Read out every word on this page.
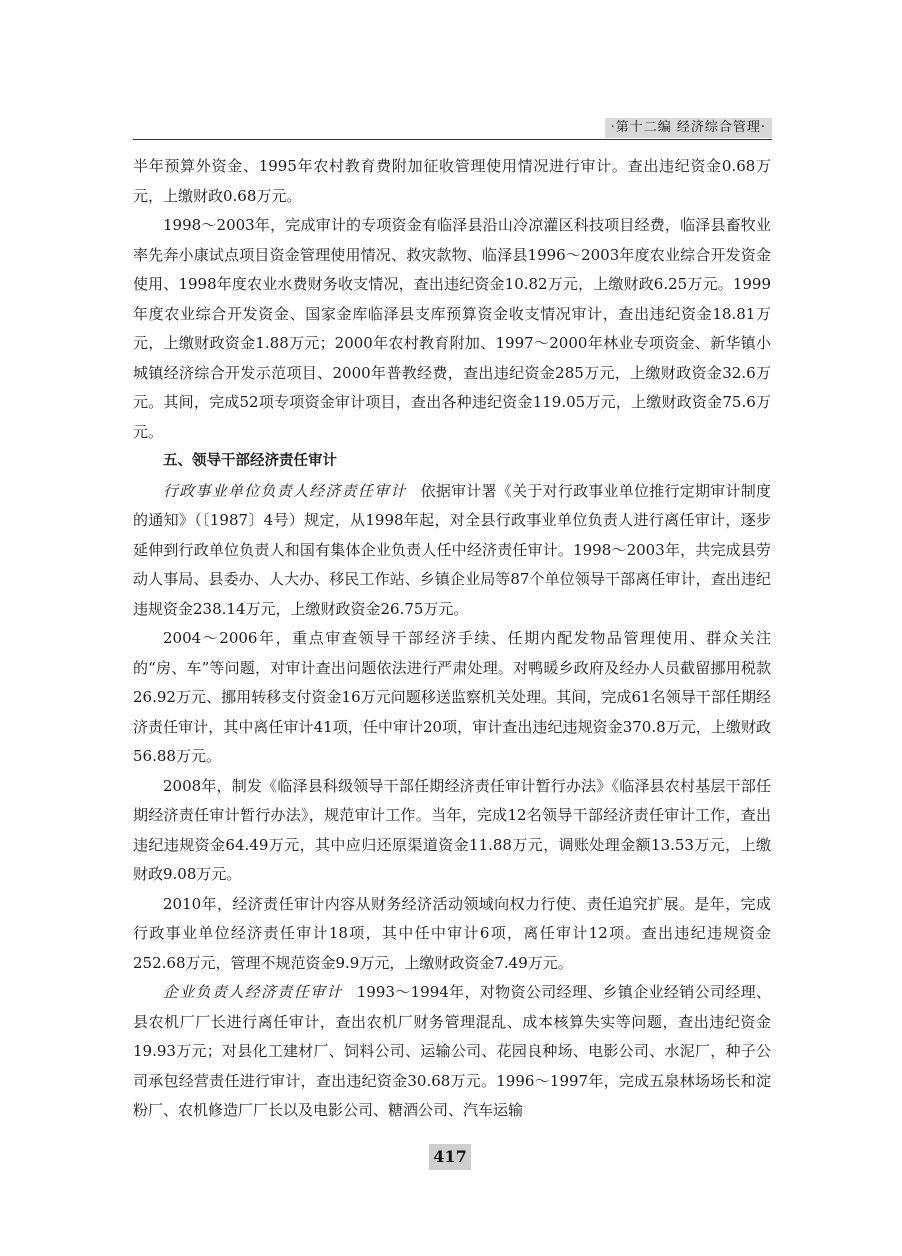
·第十二编 经济综合管理·

半年预算外资金、1995年农村教育费附加征收管理使用情况进行审计。查出违纪资金0.68万元，上缴财政0.68万元。

1998～2003年，完成审计的专项资金有临泽县沿山冷凉灌区科技项目经费，临泽县畜牧业率先奔小康试点项目资金管理使用情况、救灾款物、临泽县1996～2003年度农业综合开发资金使用、1998年度农业水费财务收支情况，查出违纪资金10.82万元，上缴财政6.25万元。1999年度农业综合开发资金、国家金库临泽县支库预算资金收支情况审计，查出违纪资金18.81万元，上缴财政资金1.88万元；2000年农村教育附加、1997～2000年林业专项资金、新华镇小城镇经济综合开发示范项目、2000年普教经费，查出违纪资金285万元，上缴财政资金32.6万元。其间，完成52项专项资金审计项目，查出各种违纪资金119.05万元，上缴财政资金75.6万元。

五、领导干部经济责任审计

行政事业单位负责人经济责任审计 依据审计署《关于对行政事业单位推行定期审计制度的通知》（〔1987〕4号）规定，从1998年起，对全县行政事业单位负责人进行离任审计，逐步延伸到行政单位负责人和国有集体企业负责人任中经济责任审计。1998～2003年，共完成县劳动人事局、县委办、人大办、移民工作站、乡镇企业局等87个单位领导干部离任审计，查出违纪违规资金238.14万元，上缴财政资金26.75万元。

2004～2006年，重点审查领导干部经济手续、任期内配发物品管理使用、群众关注的“房、车”等问题，对审计查出问题依法进行严肃处理。对鸭暖乡政府及经办人员截留挪用税款26.92万元、挪用转移支付资金16万元问题移送监察机关处理。其间，完成61名领导干部任期经济责任审计，其中离任审计41项，任中审计20项，审计查出违纪违规资金370.8万元，上缴财政56.88万元。

2008年，制发《临泽县科级领导干部任期经济责任审计暂行办法》《临泽县农村基层干部任期经济责任审计暂行办法》，规范审计工作。当年，完成12名领导干部经济责任审计工作，查出违纪违规资金64.49万元，其中应归还原渠道资金11.88万元，调账处理金额13.53万元，上缴财政9.08万元。

2010年，经济责任审计内容从财务经济活动领域向权力行使、责任追究扩展。是年，完成行政事业单位经济责任审计18项，其中任中审计6项，离任审计12项。查出违纪违规资金252.68万元，管理不规范资金9.9万元，上缴财政资金7.49万元。

企业负责人经济责任审计 1993～1994年，对物资公司经理、乡镇企业经销公司经理、县农机厂厂长进行离任审计，查出农机厂财务管理混乱、成本核算失实等问题，查出违纪资金19.93万元；对县化工建材厂、饲料公司、运输公司、花园良种场、电影公司、水泥厂，种子公司承包经营责任进行审计，查出违纪资金30.68万元。1996～1997年，完成五泉林场场长和淀粉厂、农机修造厂厂长以及电影公司、糖酒公司、汽车运输

417
